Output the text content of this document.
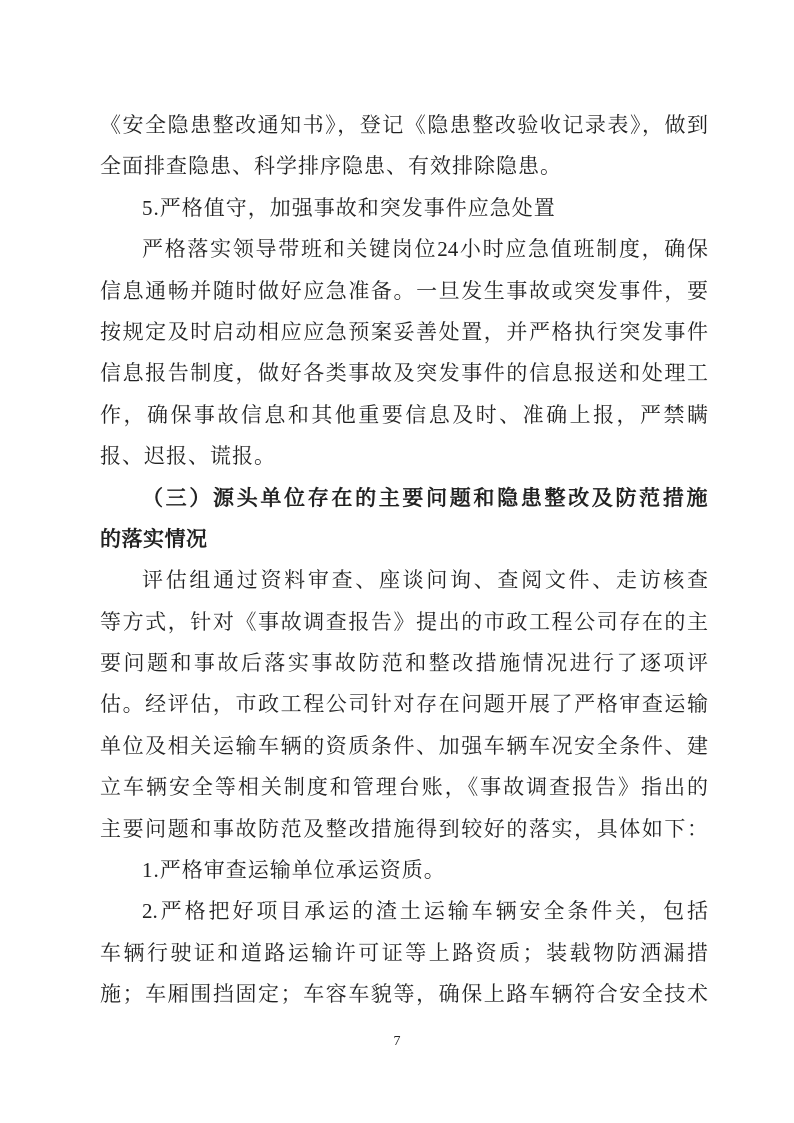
《安全隐患整改通知书》，登记《隐患整改验收记录表》，做到
全面排查隐患、科学排序隐患、有效排除隐患。
5.严格值守，加强事故和突发事件应急处置
严格落实领导带班和关键岗位24小时应急值班制度，确保
信息通畅并随时做好应急准备。一旦发生事故或突发事件，要
按规定及时启动相应应急预案妥善处置，并严格执行突发事件
信息报告制度，做好各类事故及突发事件的信息报送和处理工
作，确保事故信息和其他重要信息及时、准确上报，严禁瞒
报、迟报、谎报。
（三）源头单位存在的主要问题和隐患整改及防范措施
的落实情况
评估组通过资料审查、座谈问询、查阅文件、走访核查
等方式，针对《事故调查报告》提出的市政工程公司存在的主
要问题和事故后落实事故防范和整改措施情况进行了逐项评
估。经评估，市政工程公司针对存在问题开展了严格审查运输
单位及相关运输车辆的资质条件、加强车辆车况安全条件、建
立车辆安全等相关制度和管理台账，《事故调查报告》指出的
主要问题和事故防范及整改措施得到较好的落实，具体如下：
1.严格审查运输单位承运资质。
2.严格把好项目承运的渣土运输车辆安全条件关，包括
车辆行驶证和道路运输许可证等上路资质；装载物防洒漏措
施；车厢围挡固定；车容车貌等，确保上路车辆符合安全技术
7
